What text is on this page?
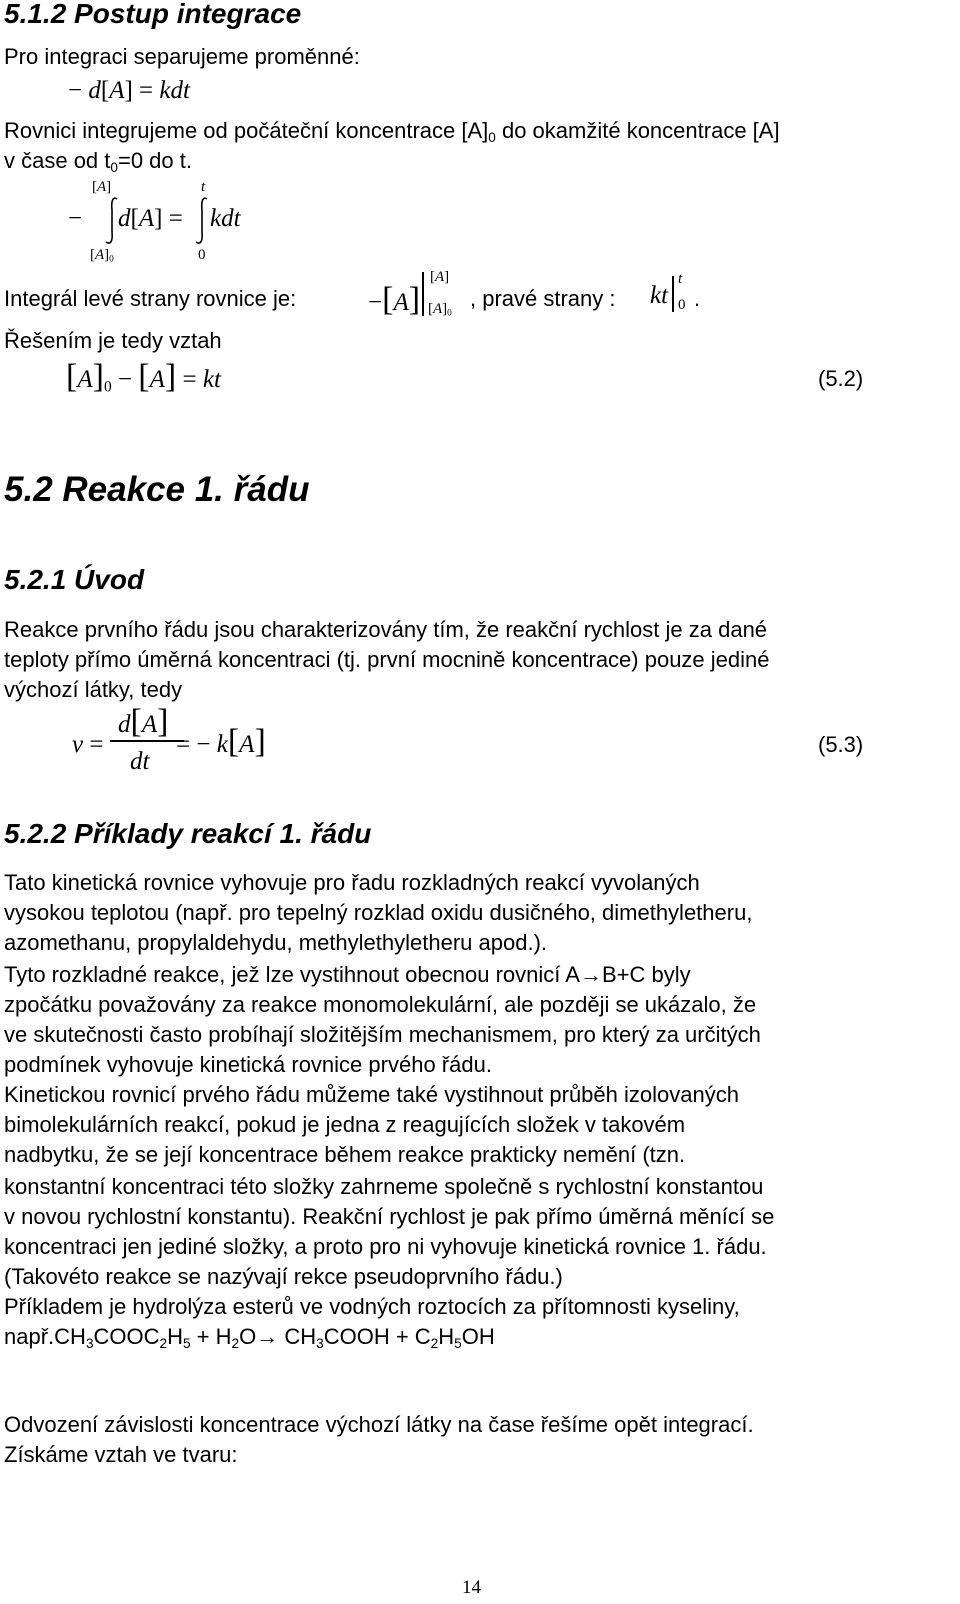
5.1.2 Postup integrace
Pro integraci separujeme proměnné:
− d[A] = kdt
Rovnici integrujeme od počáteční koncentrace $[A]_0$ do okamžité koncentrace [A]
v čase od $t_0=0$ do t.
−
[A]
$[A]_0$
d[A] =
t
0
kdt
Integrál levé strany rovnice je:	−[A]
[A]
$[A]_0$
, pravé strany : kt
t
0 .
Řešením je tedy vztah
$[A]_0 - [A]$ = kt	(5.2)
5.2 Reakce 1. řádu
5.2.1 Úvod
Reakce prvního řádu jsou charakterizovány tím, že reakční rychlost je za dané
teploty přímo úměrná koncentraci (tj. první mocnině koncentrace) pouze jediné
výchozí látky, tedy
v =
d[A]
dt
= − k[A]	(5.3)
5.2.2 Příklady reakcí 1. řádu
Tato kinetická rovnice vyhovuje pro řadu rozkladných reakcí vyvolaných
vysokou teplotou (např. pro tepelný rozklad oxidu dusičného, dimethyletheru,
azomethanu, propylaldehydu, methylethyletheru apod.).
Tyto rozkladné reakce, jež lze vystihnout obecnou rovnicí A→B+C byly
zpočátku považovány za reakce monomolekulární, ale později se ukázalo, že
ve skutečnosti často probíhají složitějším mechanismem, pro který za určitých
podmínek vyhovuje kinetická rovnice prvého řádu.
Kinetickou rovnicí prvého řádu můžeme také vystihnout průběh izolovaných
bimolekulárních reakcí, pokud je jedna z reagujících složek v takovém
nadbytku, že se její koncentrace během reakce prakticky nemění (tzn.
konstantní koncentraci této složky zahrneme společně s rychlostní konstantou
v novou rychlostní konstantu). Reakční rychlost je pak přímo úměrná měnící se
koncentraci jen jediné složky, a proto pro ni vyhovuje kinetická rovnice 1. řádu.
(Takovéto reakce se nazývají rekce pseudoprvního řádu.)
Příkladem je hydrolýza esterů ve vodných roztocích za přítomnosti kyseliny,
$např.CH_3COOC_2H_5 + H_2O\to$ $CH_3COOH + C_2H_5OH$
Odvození závislosti koncentrace výchozí látky na čase řešíme opět integrací.
Získáme vztah ve tvaru:
14
